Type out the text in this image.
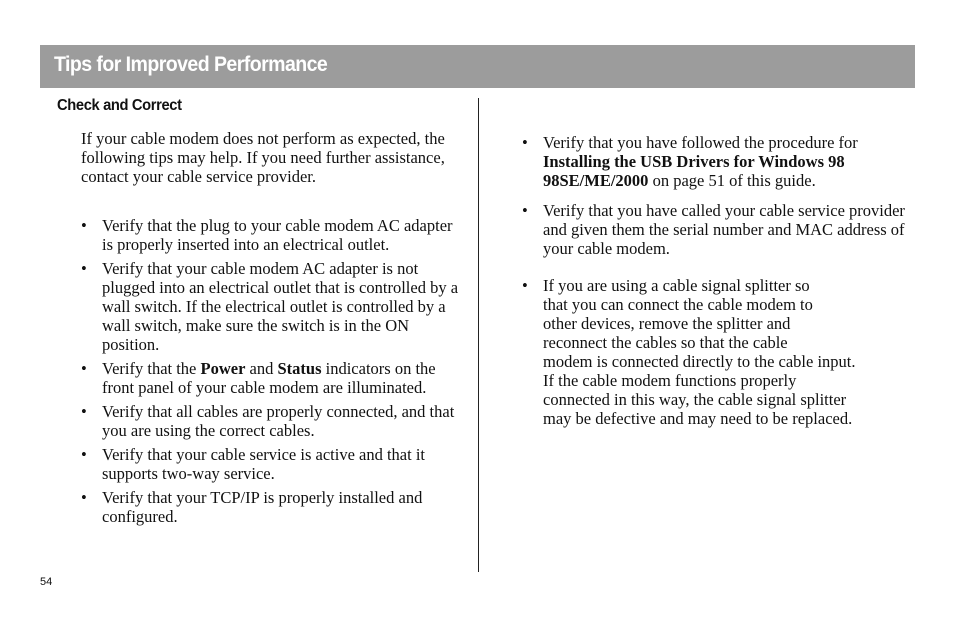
Tips for Improved Performance
Check and Correct

If your cable modem does not perform as expected, the following tips may help. If you need further assistance, contact your cable service provider.

• Verify that the plug to your cable modem AC adapter is properly inserted into an electrical outlet.
• Verify that your cable modem AC adapter is not plugged into an electrical outlet that is controlled by a wall switch. If the electrical outlet is controlled by a wall switch, make sure the switch is in the ON position.
• Verify that the Power and Status indicators on the front panel of your cable modem are illuminated.
• Verify that all cables are properly connected, and that you are using the correct cables.
• Verify that your cable service is active and that it supports two-way service.
• Verify that your TCP/IP is properly installed and configured.
• Verify that you have followed the procedure for Installing the USB Drivers for Windows 98 98SE/ME/2000 on page 51 of this guide.
• Verify that you have called your cable service provider and given them the serial number and MAC address of your cable modem.
• If you are using a cable signal splitter so
that you can connect the cable modem to
other devices, remove the splitter and
reconnect the cables so that the cable
modem is connected directly to the cable input.
If the cable modem functions properly
connected in this way, the cable signal splitter
may be defective and may need to be replaced.
54
